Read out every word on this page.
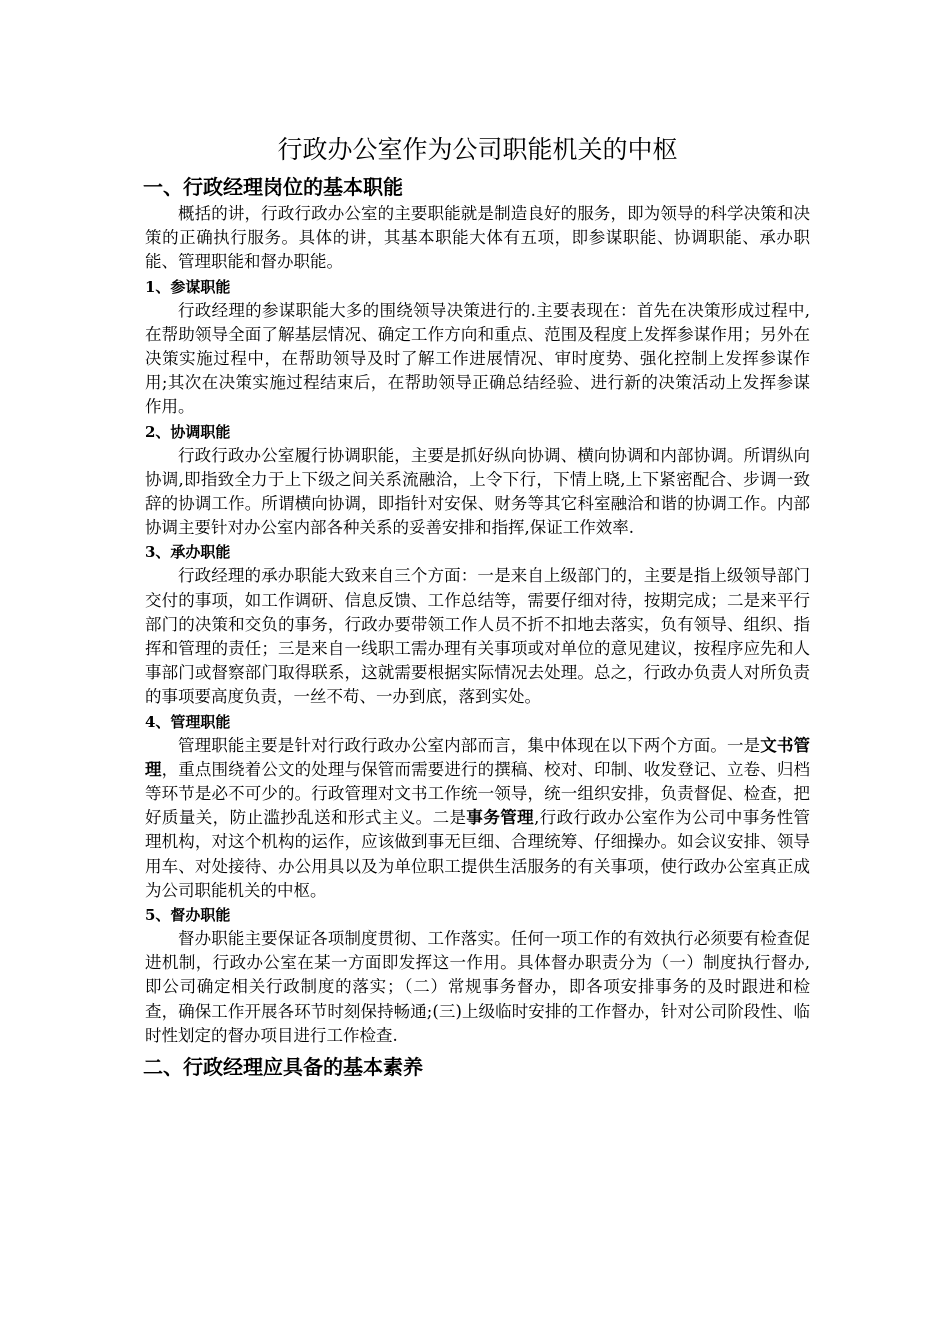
行政办公室作为公司职能机关的中枢
一、行政经理岗位的基本职能

概括的讲，行政行政办公室的主要职能就是制造良好的服务，即为领导的科学决策和决策的正确执行服务。具体的讲，其基本职能大体有五项，即参谋职能、协调职能、承办职能、管理职能和督办职能。

1、参谋职能

行政经理的参谋职能大多的围绕领导决策进行的.主要表现在：首先在决策形成过程中,在帮助领导全面了解基层情况、确定工作方向和重点、范围及程度上发挥参谋作用；另外在决策实施过程中，在帮助领导及时了解工作进展情况、审时度势、强化控制上发挥参谋作用;其次在决策实施过程结束后，在帮助领导正确总结经验、进行新的决策活动上发挥参谋作用。

2、协调职能

行政行政办公室履行协调职能，主要是抓好纵向协调、横向协调和内部协调。所谓纵向协调,即指致全力于上下级之间关系流融洽，上令下行，下情上晓,上下紧密配合、步调一致辞的协调工作。所谓横向协调，即指针对安保、财务等其它科室融洽和谐的协调工作。内部协调主要针对办公室内部各种关系的妥善安排和指挥,保证工作效率.

3、承办职能

行政经理的承办职能大致来自三个方面：一是来自上级部门的，主要是指上级领导部门交付的事项，如工作调研、信息反馈、工作总结等，需要仔细对待，按期完成；二是来平行部门的决策和交负的事务，行政办要带领工作人员不折不扣地去落实，负有领导、组织、指挥和管理的责任；三是来自一线职工需办理有关事项或对单位的意见建议，按程序应先和人事部门或督察部门取得联系，这就需要根据实际情况去处理。总之，行政办负责人对所负责的事项要高度负责，一丝不苟、一办到底，落到实处。

4、管理职能

管理职能主要是针对行政行政办公室内部而言，集中体现在以下两个方面。一是文书管理，重点围绕着公文的处理与保管而需要进行的撰稿、校对、印制、收发登记、立卷、归档等环节是必不可少的。行政管理对文书工作统一领导，统一组织安排，负责督促、检查，把好质量关，防止滥抄乱送和形式主义。二是事务管理,行政行政办公室作为公司中事务性管理机构，对这个机构的运作，应该做到事无巨细、合理统筹、仔细操办。如会议安排、领导用车、对处接待、办公用具以及为单位职工提供生活服务的有关事项，使行政办公室真正成为公司职能机关的中枢。

5、督办职能

督办职能主要保证各项制度贯彻、工作落实。任何一项工作的有效执行必须要有检查促进机制，行政办公室在某一方面即发挥这一作用。具体督办职责分为（一）制度执行督办,即公司确定相关行政制度的落实；（二）常规事务督办，即各项安排事务的及时跟进和检查，确保工作开展各环节时刻保持畅通;(三)上级临时安排的工作督办，针对公司阶段性、临时性划定的督办项目进行工作检查.

二、行政经理应具备的基本素养
